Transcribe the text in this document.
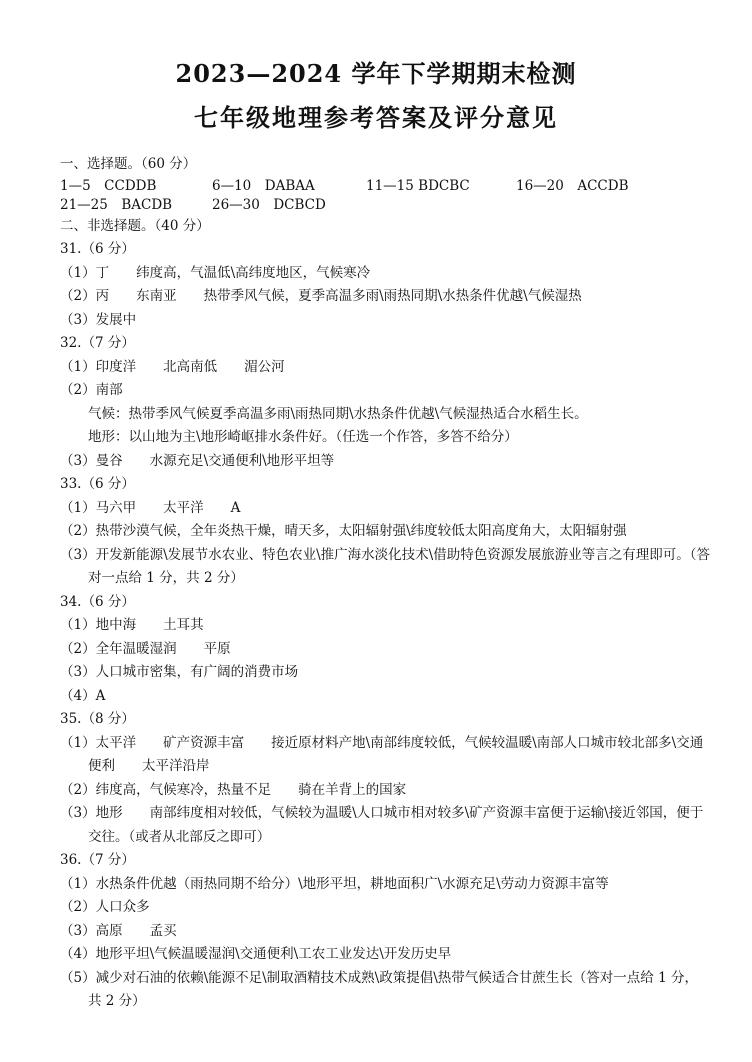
2023—2024 学年下学期期末检测
七年级地理参考答案及评分意见
一、选择题。（60 分）
1—5　CCDDB	6—10　DABAA	11—15 BDCBC	16—20　ACCDB
21—25　BACDB	26—30　DCBCD
二、非选择题。（40 分）
31.（6 分）
（1）丁　　纬度高，气温低\高纬度地区，气候寒冷
（2）丙　　东南亚　　热带季风气候，夏季高温多雨\雨热同期\水热条件优越\气候湿热
（3）发展中
32.（7 分）
（1）印度洋　　北高南低　　湄公河
（2）南部
气候：热带季风气候夏季高温多雨\雨热同期\水热条件优越\气候湿热适合水稻生长。
地形：以山地为主\地形崎岖排水条件好。（任选一个作答，多答不给分）
（3）曼谷　　水源充足\交通便利\地形平坦等
33.（6 分）
（1）马六甲　　太平洋　　A
（2）热带沙漠气候，全年炎热干燥，晴天多，太阳辐射强\纬度较低太阳高度角大，太阳辐射强
（3）开发新能源\发展节水农业、特色农业\推广海水淡化技术\借助特色资源发展旅游业等言之有理即可。（答对一点给 1 分，共 2 分）
34.（6 分）
（1）地中海　　土耳其
（2）全年温暖湿润　　平原
（3）人口城市密集，有广阔的消费市场
（4）A
35.（8 分）
（1）太平洋　　矿产资源丰富　　接近原材料产地\南部纬度较低，气候较温暖\南部人口城市较北部多\交通便利　　太平洋沿岸
（2）纬度高，气候寒冷，热量不足　　骑在羊背上的国家
（3）地形　　南部纬度相对较低，气候较为温暖\人口城市相对较多\矿产资源丰富便于运输\接近邻国，便于交往。（或者从北部反之即可）
36.（7 分）
（1）水热条件优越（雨热同期不给分）\地形平坦，耕地面积广\水源充足\劳动力资源丰富等
（2）人口众多
（3）高原　　孟买
（4）地形平坦\气候温暖湿润\交通便利\工农工业发达\开发历史早
（5）减少对石油的依赖\能源不足\制取酒精技术成熟\政策提倡\热带气候适合甘蔗生长（答对一点给 1 分，共 2 分）
